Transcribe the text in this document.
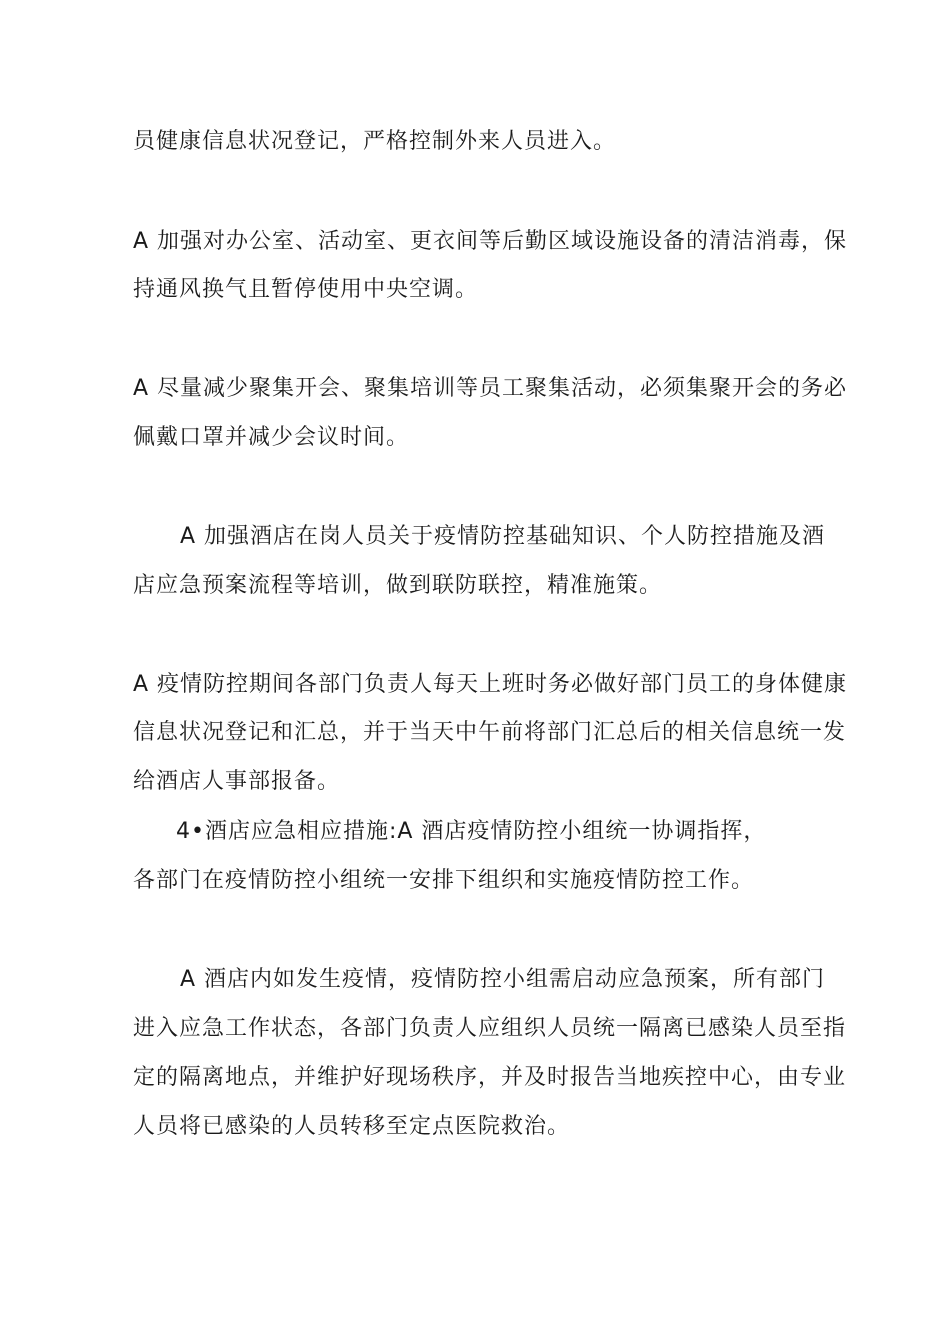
员健康信息状况登记，严格控制外来人员进入。
A 加强对办公室、活动室、更衣间等后勤区域设施设备的清洁消毒，保
持通风换气且暂停使用中央空调。
A 尽量减少聚集开会、聚集培训等员工聚集活动，必须集聚开会的务必
佩戴口罩并减少会议时间。
A 加强酒店在岗人员关于疫情防控基础知识、个人防控措施及酒
店应急预案流程等培训，做到联防联控，精准施策。
A 疫情防控期间各部门负责人每天上班时务必做好部门员工的身体健康
信息状况登记和汇总，并于当天中午前将部门汇总后的相关信息统一发
给酒店人事部报备。
4•酒店应急相应措施:A 酒店疫情防控小组统一协调指挥，
各部门在疫情防控小组统一安排下组织和实施疫情防控工作。
A 酒店内如发生疫情，疫情防控小组需启动应急预案，所有部门
进入应急工作状态，各部门负责人应组织人员统一隔离已感染人员至指
定的隔离地点，并维护好现场秩序，并及时报告当地疾控中心，由专业
人员将已感染的人员转移至定点医院救治。
